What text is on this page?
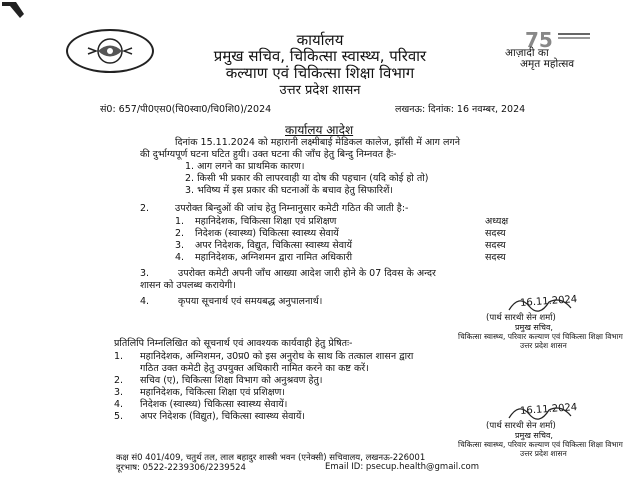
75
आज़ादी का
अमृत महोत्सव
कार्यालय
प्रमुख सचिव, चिकित्सा स्वास्थ्य, परिवार
कल्याण एवं चिकित्सा शिक्षा विभाग
उत्तर प्रदेश शासन
सं0: 657/पी0एस0(चि0स्वा0/चि0शि0)/2024	लखनऊ: दिनांक: 16 नवम्बर, 2024
कार्यालय आदेश
दिनांक 15.11.2024 को महारानी लक्ष्मीबाई मेडिकल कालेज, झाँसी में आग लगने
की दुर्भाग्यपूर्ण घटना घटित हुयी। उक्त घटना की जाँच हेतु बिन्दु निम्नवत हैः-
1. आग लगने का प्राथमिक कारण।
2. किसी भी प्रकार की लापरवाही या दोष की पहचान (यदि कोई हो तो)
3. भविष्य में इस प्रकार की घटनाओं के बचाव हेतु सिफारिशें।
2.	उपरोक्त बिन्दुओं की जांच हेतु निम्नानुसार कमेटी गठित की जाती है:-
1. महानिदेशक, चिकित्सा शिक्षा एवं प्रशिक्षण	अध्यक्ष
2. निदेशक (स्वास्थ्य) चिकित्सा स्वास्थ्य सेवायें	सदस्य
3. अपर निदेशक, विद्युत, चिकित्सा स्वास्थ्य सेवायें	सदस्य
4. महानिदेशक, अग्निशमन द्वारा नामित अधिकारी	सदस्य
3.	उपरोक्त कमेटी अपनी जाँच आख्या आदेश जारी होने के 07 दिवस के अन्दर
शासन को उपलब्ध करायेगी।
4.	कृपया सूचनार्थ एवं समयबद्ध अनुपालनार्थ।	16.11.2024
(पार्थ सारथी सेन शर्मा)
प्रमुख सचिव,
चिकित्सा स्वास्थ्य, परिवार कल्याण एवं चिकित्सा शिक्षा विभाग
उत्तर प्रदेश शासन
प्रतिलिपि निम्नलिखित को सूचनार्थ एवं आवश्यक कार्यवाही हेतु प्रेषितः-
1. महानिदेशक, अग्निशमन, उ0प्र0 को इस अनुरोध के साथ कि तत्काल शासन द्वारा
गठित उक्त कमेटी हेतु उपयुक्त अधिकारी नामित करने का कष्ट करें।
2. सचिव (ए), चिकित्सा शिक्षा विभाग को अनुश्रवण हेतु।
3. महानिदेशक, चिकित्सा शिक्षा एवं प्रशिक्षण।
4. निदेशक (स्वास्थ्य) चिकित्सा स्वास्थ्य सेवायें।
5. अपर निदेशक (विद्युत), चिकित्सा स्वास्थ्य सेवायें।	16.11.2024
(पार्थ सारथी सेन शर्मा)
प्रमुख सचिव,
चिकित्सा स्वास्थ्य, परिवार कल्याण एवं चिकित्सा शिक्षा विभाग
उत्तर प्रदेश शासन
कक्ष सं0 401/409, चतुर्थ तल, लाल बहादुर शास्त्री भवन (एनेक्सी) सचिवालय, लखनऊ-226001
दूरभाष: 0522-2239306/2239524	Email ID: psecup.health@gmail.com
